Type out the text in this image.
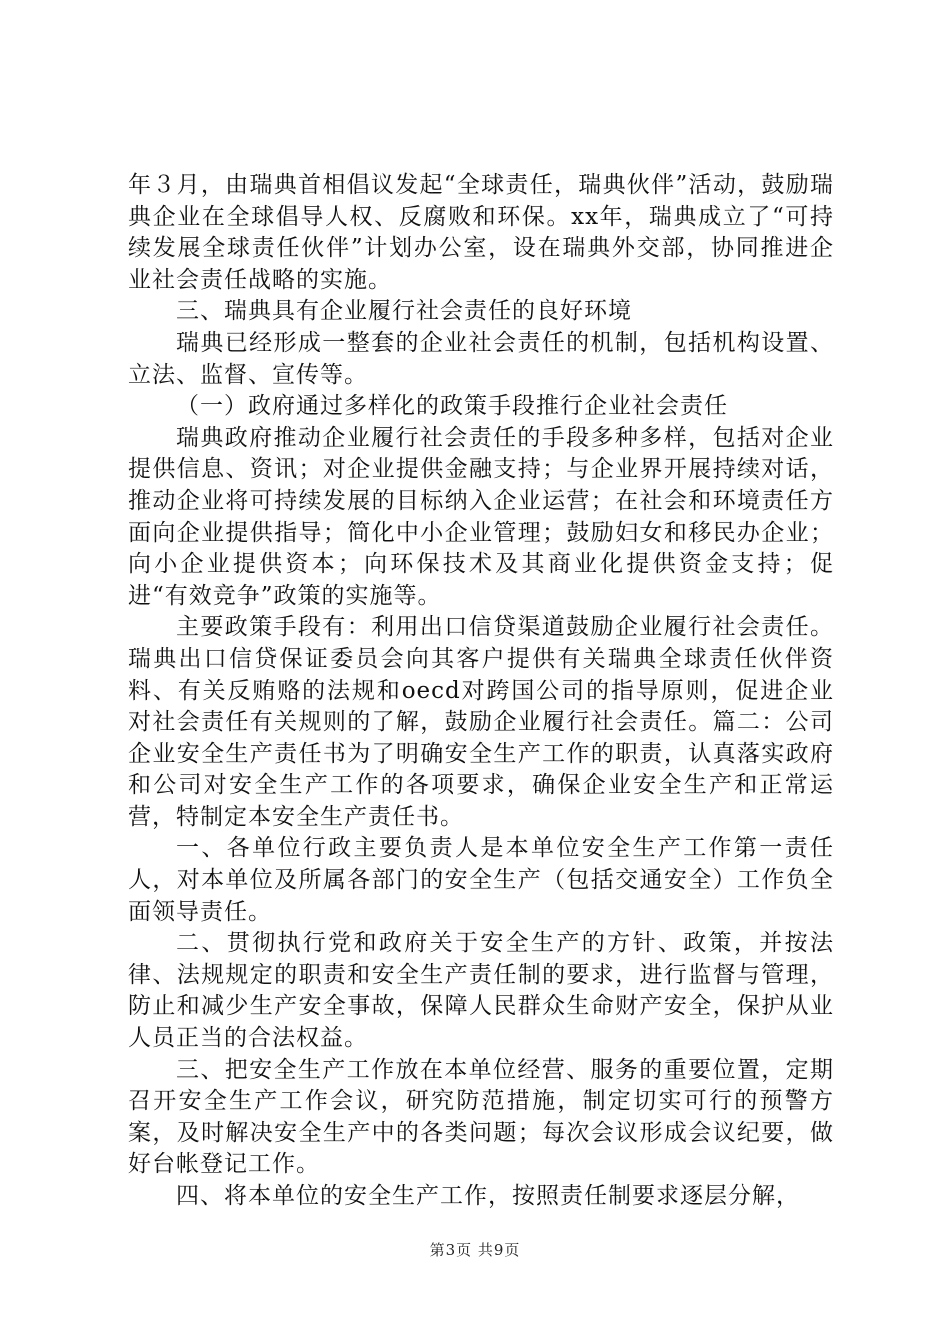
年３月，由瑞典首相倡议发起“全球责任，瑞典伙伴”活动，鼓励瑞典企业在全球倡导人权、反腐败和环保。xx年，瑞典成立了“可持续发展全球责任伙伴”计划办公室，设在瑞典外交部，协同推进企业社会责任战略的实施。

三、瑞典具有企业履行社会责任的良好环境

瑞典已经形成一整套的企业社会责任的机制，包括机构设置、立法、监督、宣传等。

（一）政府通过多样化的政策手段推行企业社会责任

瑞典政府推动企业履行社会责任的手段多种多样，包括对企业提供信息、资讯；对企业提供金融支持；与企业界开展持续对话，推动企业将可持续发展的目标纳入企业运营；在社会和环境责任方面向企业提供指导；简化中小企业管理；鼓励妇女和移民办企业；向小企业提供资本；向环保技术及其商业化提供资金支持；促进“有效竞争”政策的实施等。

主要政策手段有：利用出口信贷渠道鼓励企业履行社会责任。瑞典出口信贷保证委员会向其客户提供有关瑞典全球责任伙伴资料、有关反贿赂的法规和oecd对跨国公司的指导原则，促进企业对社会责任有关规则的了解，鼓励企业履行社会责任。篇二：公司企业安全生产责任书为了明确安全生产工作的职责，认真落实政府和公司对安全生产工作的各项要求，确保企业安全生产和正常运营，特制定本安全生产责任书。

一、各单位行政主要负责人是本单位安全生产工作第一责任人，对本单位及所属各部门的安全生产（包括交通安全）工作负全面领导责任。

二、贯彻执行党和政府关于安全生产的方针、政策，并按法律、法规规定的职责和安全生产责任制的要求，进行监督与管理，防止和减少生产安全事故，保障人民群众生命财产安全，保护从业人员正当的合法权益。

三、把安全生产工作放在本单位经营、服务的重要位置，定期召开安全生产工作会议，研究防范措施，制定切实可行的预警方案，及时解决安全生产中的各类问题；每次会议形成会议纪要，做好台帐登记工作。

四、将本单位的安全生产工作，按照责任制要求逐层分解，

第3页 共9页
